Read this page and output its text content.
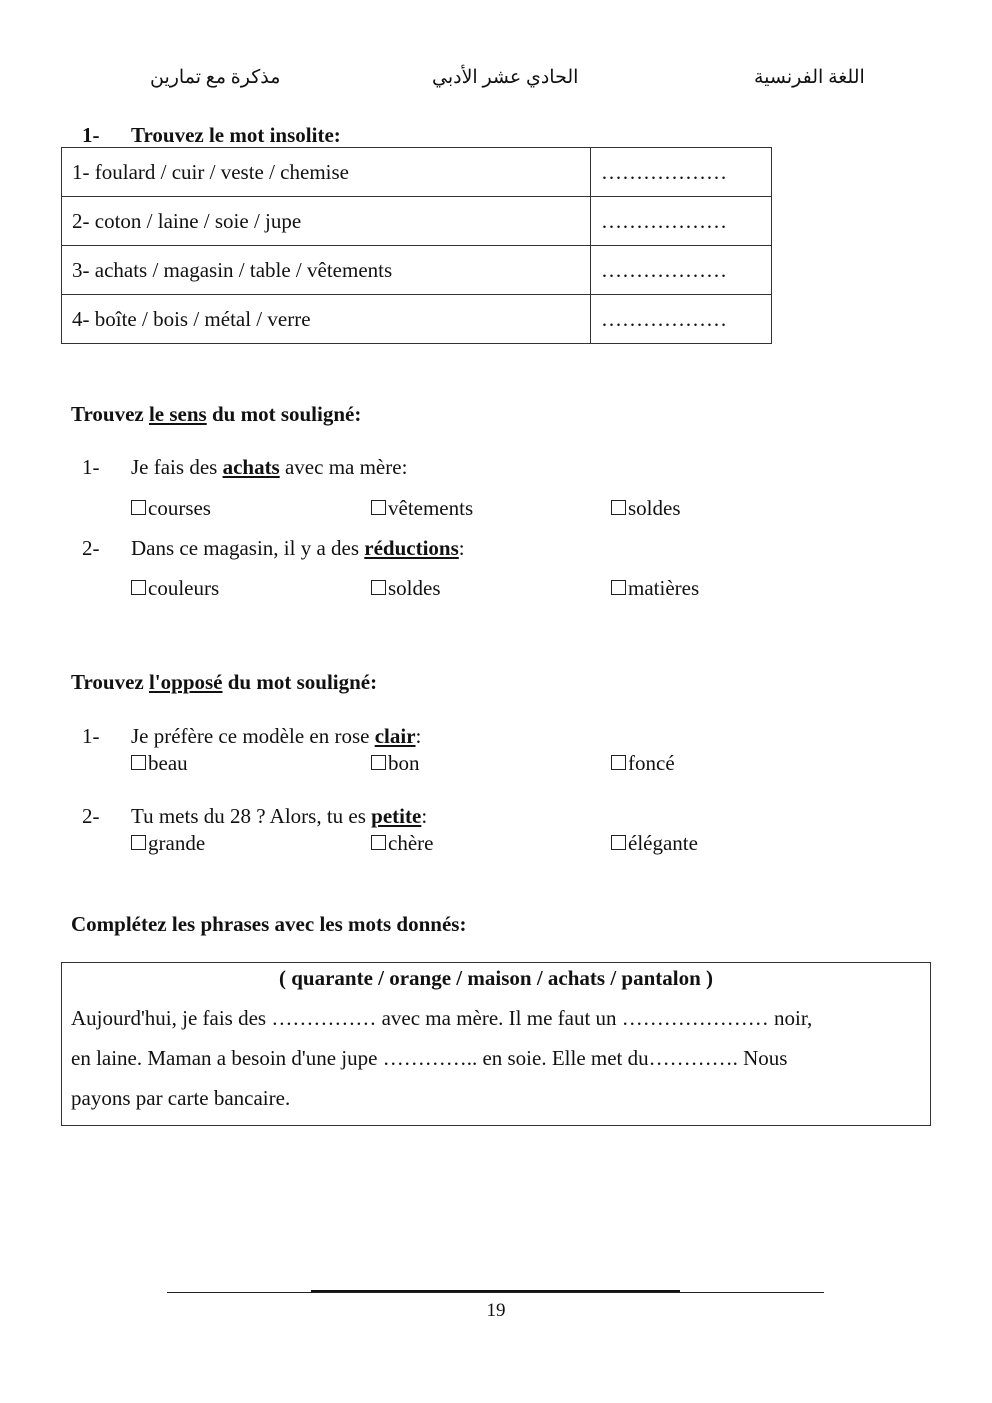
اللغة الفرنسية
الحادي عشر الأدبي
مذكرة مع تمارين
1- Trouvez le mot insolite:
1- foulard / cuir / veste / chemise	………………
2- coton / laine / soie / jupe	………………
3- achats / magasin / table / vêtements	………………
4- boîte / bois / métal / verre	………………
Trouvez le sens du mot souligné:
1- Je fais des achats avec ma mère:
courses	vêtements	soldes
2- Dans ce magasin, il y a des réductions:
couleurs	soldes	matières
Trouvez l'opposé du mot souligné:
1- Je préfère ce modèle en rose clair:
beau	bon	foncé
2- Tu mets du 28 ? Alors, tu es petite:
grande	chère	élégante
Complétez les phrases avec les mots donnés:
( quarante / orange / maison / achats / pantalon )
Aujourd'hui, je fais des …………… avec ma mère. Il me faut un ………………… noir,
en laine. Maman a besoin d'une jupe ………….. en soie. Elle met du…………. Nous
payons par carte bancaire.
19
